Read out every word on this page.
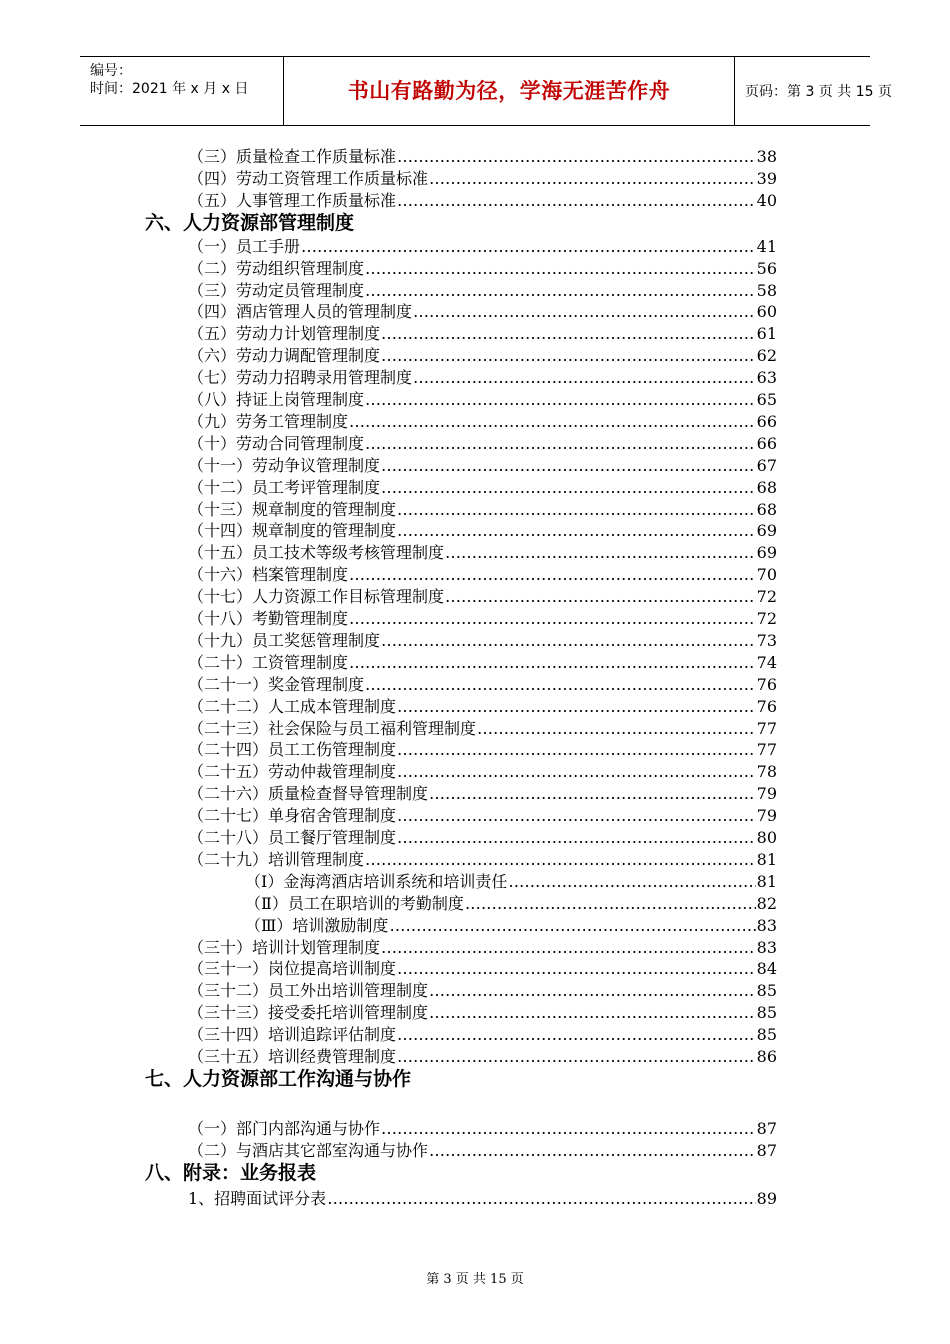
编号：
时间：2021 年 x 月 x 日	书山有路勤为径，学海无涯苦作舟	页码：第 3 页 共 15 页
（三）质量检查工作质量标准 …………………………………………………………………………………………………………………………………………………………………………………………	38
（四）劳动工资管理工作质量标准 …………………………………………………………………………………………………………………………………………………………………………………………	39
（五）人事管理工作质量标准 …………………………………………………………………………………………………………………………………………………………………………………………	40
六、人力资源部管理制度
（一）员工手册 …………………………………………………………………………………………………………………………………………………………………………………………	41
（二）劳动组织管理制度 …………………………………………………………………………………………………………………………………………………………………………………………	56
（三）劳动定员管理制度 …………………………………………………………………………………………………………………………………………………………………………………………	58
（四）酒店管理人员的管理制度 …………………………………………………………………………………………………………………………………………………………………………………………	60
（五）劳动力计划管理制度 …………………………………………………………………………………………………………………………………………………………………………………………	61
（六）劳动力调配管理制度 …………………………………………………………………………………………………………………………………………………………………………………………	62
（七）劳动力招聘录用管理制度 …………………………………………………………………………………………………………………………………………………………………………………………	63
（八）持证上岗管理制度 …………………………………………………………………………………………………………………………………………………………………………………………	65
（九）劳务工管理制度 …………………………………………………………………………………………………………………………………………………………………………………………	66
（十）劳动合同管理制度 …………………………………………………………………………………………………………………………………………………………………………………………	66
（十一）劳动争议管理制度 …………………………………………………………………………………………………………………………………………………………………………………………	67
（十二）员工考评管理制度 …………………………………………………………………………………………………………………………………………………………………………………………	68
（十三）规章制度的管理制度 …………………………………………………………………………………………………………………………………………………………………………………………	68
（十四）规章制度的管理制度 …………………………………………………………………………………………………………………………………………………………………………………………	69
（十五）员工技术等级考核管理制度 …………………………………………………………………………………………………………………………………………………………………………………………	69
（十六）档案管理制度 …………………………………………………………………………………………………………………………………………………………………………………………	70
（十七）人力资源工作目标管理制度 …………………………………………………………………………………………………………………………………………………………………………………………	72
（十八）考勤管理制度 …………………………………………………………………………………………………………………………………………………………………………………………	72
（十九）员工奖惩管理制度 …………………………………………………………………………………………………………………………………………………………………………………………	73
（二十）工资管理制度 …………………………………………………………………………………………………………………………………………………………………………………………	74
（二十一）奖金管理制度 …………………………………………………………………………………………………………………………………………………………………………………………	76
（二十二）人工成本管理制度 …………………………………………………………………………………………………………………………………………………………………………………………	76
（二十三）社会保险与员工福利管理制度 …………………………………………………………………………………………………………………………………………………………………………………………	77
（二十四）员工工伤管理制度 …………………………………………………………………………………………………………………………………………………………………………………………	77
（二十五）劳动仲裁管理制度 …………………………………………………………………………………………………………………………………………………………………………………………	78
（二十六）质量检查督导管理制度 …………………………………………………………………………………………………………………………………………………………………………………………	79
（二十七）单身宿舍管理制度 …………………………………………………………………………………………………………………………………………………………………………………………	79
（二十八）员工餐厅管理制度 …………………………………………………………………………………………………………………………………………………………………………………………	80
（二十九）培训管理制度 …………………………………………………………………………………………………………………………………………………………………………………………	81
（Ⅰ）金海湾酒店培训系统和培训责任 …………………………………………………………………………………………………………………………………………………………………………………………	81
（Ⅱ）员工在职培训的考勤制度 …………………………………………………………………………………………………………………………………………………………………………………………	82
（Ⅲ）培训激励制度 …………………………………………………………………………………………………………………………………………………………………………………………	83
（三十）培训计划管理制度 …………………………………………………………………………………………………………………………………………………………………………………………	83
（三十一）岗位提高培训制度 …………………………………………………………………………………………………………………………………………………………………………………………	84
（三十二）员工外出培训管理制度 …………………………………………………………………………………………………………………………………………………………………………………………	85
（三十三）接受委托培训管理制度 …………………………………………………………………………………………………………………………………………………………………………………………	85
（三十四）培训追踪评估制度 …………………………………………………………………………………………………………………………………………………………………………………………	85
（三十五）培训经费管理制度 …………………………………………………………………………………………………………………………………………………………………………………………	86
七、人力资源部工作沟通与协作
（一）部门内部沟通与协作 …………………………………………………………………………………………………………………………………………………………………………………………	87
（二）与酒店其它部室沟通与协作 …………………………………………………………………………………………………………………………………………………………………………………………	87
八、附录：业务报表
1、招聘面试评分表 …………………………………………………………………………………………………………………………………………………………………………………………	89
第 3 页 共 15 页
